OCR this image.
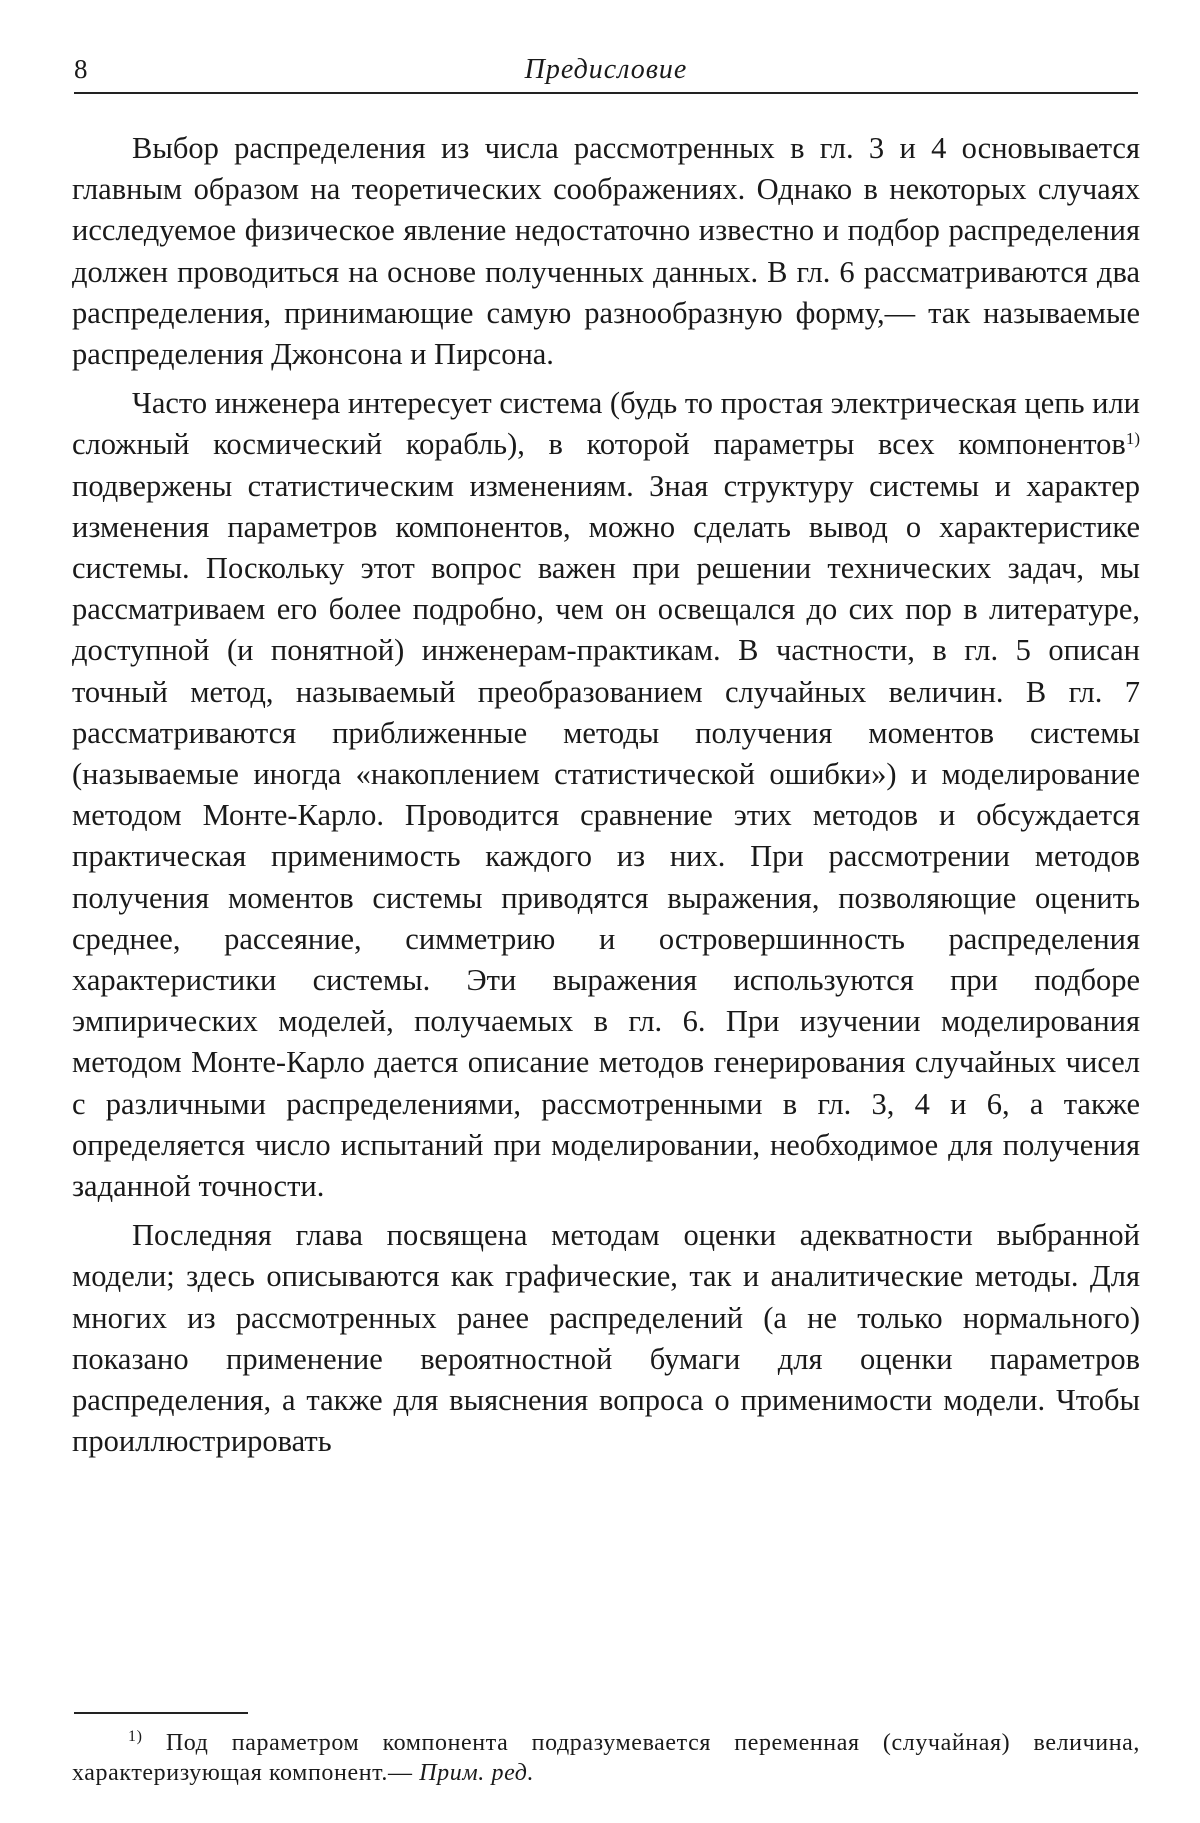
8	Предисловие

Выбор распределения из числа рассмотренных в гл. 3 и 4 основывается главным образом на теоретических соображениях. Однако в некоторых случаях исследуемое физическое явление недостаточно известно и подбор распределения должен проводиться на основе полученных данных. В гл. 6 рассматриваются два распределения, принимающие самую разнообразную форму,— так называемые распределения Джонсона и Пирсона.

Часто инженера интересует система (будь то простая электрическая цепь или сложный космический корабль), в которой параметры всех компонентов$^{1)}$ подвержены статистическим изменениям. Зная структуру системы и характер изменения параметров компонентов, можно сделать вывод о характеристике системы. Поскольку этот вопрос важен при решении технических задач, мы рассматриваем его более подробно, чем он освещался до сих пор в литературе, доступной (и понятной) инженерам-практикам. В частности, в гл. 5 описан точный метод, называемый преобразованием случайных величин. В гл. 7 рассматриваются приближенные методы получения моментов системы (называемые иногда «накоплением статистической ошибки») и моделирование методом Монте-Карло. Проводится сравнение этих методов и обсуждается практическая применимость каждого из них. При рассмотрении методов получения моментов системы приводятся выражения, позволяющие оценить среднее, рассеяние, симметрию и островершинность распределения характеристики системы. Эти выражения используются при подборе эмпирических моделей, получаемых в гл. 6. При изучении моделирования методом Монте-Карло дается описание методов генерирования случайных чисел с различными распределениями, рассмотренными в гл. 3, 4 и 6, а также определяется число испытаний при моделировании, необходимое для получения заданной точности.

Последняя глава посвящена методам оценки адекватности выбранной модели; здесь описываются как графические, так и аналитические методы. Для многих из рассмотренных ранее распределений (а не только нормального) показано применение вероятностной бумаги для оценки параметров распределения, а также для выяснения вопроса о применимости модели. Чтобы проиллюстрировать

$^{1)}$ Под параметром компонента подразумевается переменная (случайная) величина, характеризующая компонент.— Прим. ред.
